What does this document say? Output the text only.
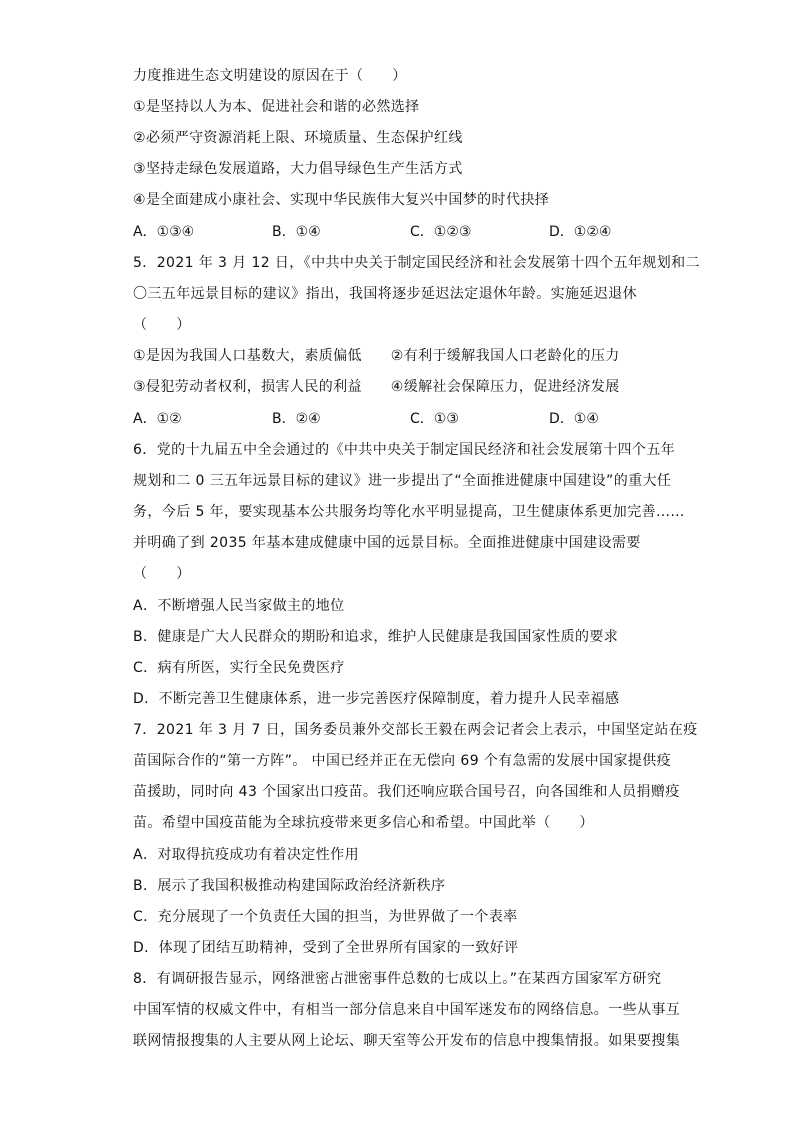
力度推进生态文明建设的原因在于（　　）
①是坚持以人为本、促进社会和谐的必然选择
②必须严守资源消耗上限、环境质量、生态保护红线
③坚持走绿色发展道路，大力倡导绿色生产生活方式
④是全面建成小康社会、实现中华民族伟大复兴中国梦的时代抉择
A．①③④	B．①④	C．①②③	D．①②④
5．2021 年 3 月 12 日，《中共中央关于制定国民经济和社会发展第十四个五年规划和二
〇三五年远景目标的建议》指出，我国将逐步延迟法定退休年龄。实施延迟退休
（　　）
①是因为我国人口基数大，素质偏低　　②有利于缓解我国人口老龄化的压力
③侵犯劳动者权利，损害人民的利益　　④缓解社会保障压力，促进经济发展
A．①②	B．②④	C．①③	D．①④
6．党的十九届五中全会通过的《中共中央关于制定国民经济和社会发展第十四个五年
规划和二 0 三五年远景目标的建议》进一步提出了“全面推进健康中国建设”的重大任
务，今后 5 年，要实现基本公共服务均等化水平明显提高，卫生健康体系更加完善……
并明确了到 2035 年基本建成健康中国的远景目标。全面推进健康中国建设需要
（　　）
A．不断增强人民当家做主的地位
B．健康是广大人民群众的期盼和追求，维护人民健康是我国国家性质的要求
C．病有所医，实行全民免费医疗
D．不断完善卫生健康体系，进一步完善医疗保障制度，着力提升人民幸福感
7．2021 年 3 月 7 日，国务委员兼外交部长王毅在两会记者会上表示，中国坚定站在疫
苗国际合作的“第一方阵”。 中国已经并正在无偿向 69 个有急需的发展中国家提供疫
苗援助，同时向 43 个国家出口疫苗。我们还响应联合国号召，向各国维和人员捐赠疫
苗。希望中国疫苗能为全球抗疫带来更多信心和希望。中国此举（　　）
A．对取得抗疫成功有着决定性作用
B．展示了我国积极推动构建国际政治经济新秩序
C．充分展现了一个负责任大国的担当，为世界做了一个表率
D．体现了团结互助精神，受到了全世界所有国家的一致好评
8．有调研报告显示，网络泄密占泄密事件总数的七成以上。”在某西方国家军方研究
中国军情的权威文件中，有相当一部分信息来自中国军迷发布的网络信息。一些从事互
联网情报搜集的人主要从网上论坛、聊天室等公开发布的信息中搜集情报。如果要搜集
